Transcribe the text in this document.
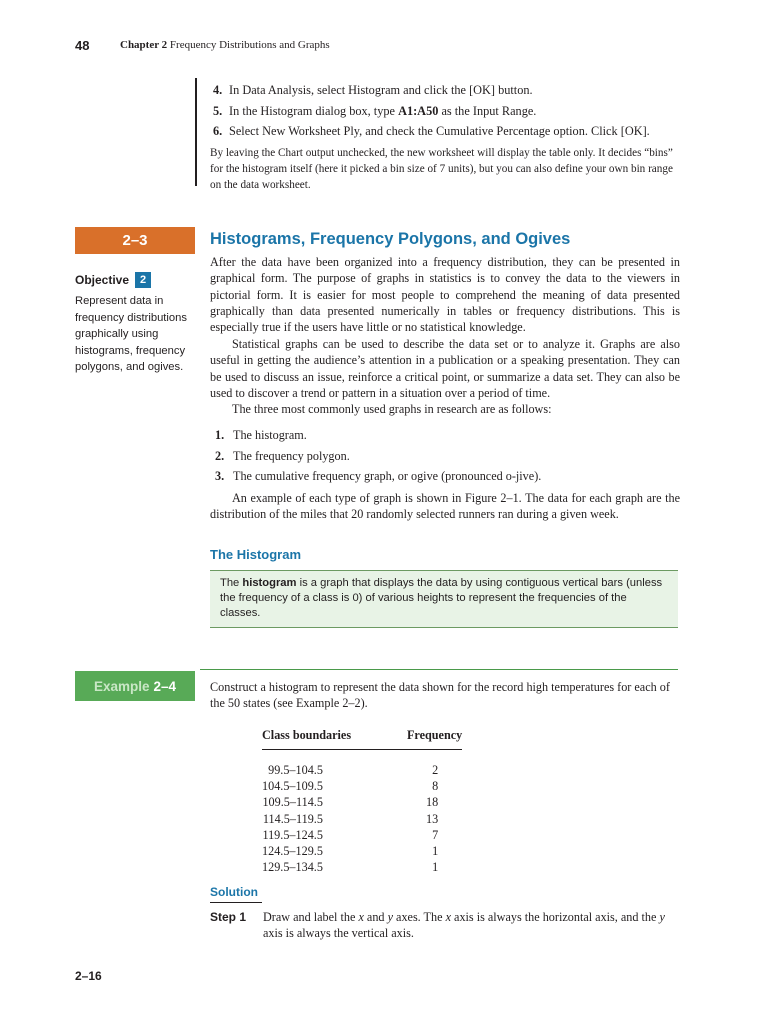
48	Chapter 2 Frequency Distributions and Graphs
4. In Data Analysis, select Histogram and click the [OK] button.
5. In the Histogram dialog box, type A1:A50 as the Input Range.
6. Select New Worksheet Ply, and check the Cumulative Percentage option. Click [OK].

By leaving the Chart output unchecked, the new worksheet will display the table only. It decides “bins” for the histogram itself (here it picked a bin size of 7 units), but you can also define your own bin range on the data worksheet.

2–3	Histograms, Frequency Polygons, and Ogives
Objective 2
Represent data in frequency distributions graphically using histograms, frequency polygons, and ogives.

After the data have been organized into a frequency distribution, they can be presented in graphical form. The purpose of graphs in statistics is to convey the data to the viewers in pictorial form. It is easier for most people to comprehend the meaning of data presented graphically than data presented numerically in tables or frequency distributions. This is especially true if the users have little or no statistical knowledge.

Statistical graphs can be used to describe the data set or to analyze it. Graphs are also useful in getting the audience’s attention in a publication or a speaking presentation. They can be used to discuss an issue, reinforce a critical point, or summarize a data set. They can also be used to discover a trend or pattern in a situation over a period of time.

The three most commonly used graphs in research are as follows:

1. The histogram.
2. The frequency polygon.
3. The cumulative frequency graph, or ogive (pronounced o-jive).

An example of each type of graph is shown in Figure 2–1. The data for each graph are the distribution of the miles that 20 randomly selected runners ran during a given week.

The Histogram

The histogram is a graph that displays the data by using contiguous vertical bars (unless the frequency of a class is 0) of various heights to represent the frequencies of the classes.

Example 2–4	Construct a histogram to represent the data shown for the record high temperatures for each of the 50 states (see Example 2–2).

Class boundaries	Frequency
99.5–104.5	2
104.5–109.5	8
109.5–114.5	18
114.5–119.5	13
119.5–124.5	7
124.5–129.5	1
129.5–134.5	1
Solution
Step 1 Draw and label the x and y axes. The x axis is always the horizontal axis, and the y axis is always the vertical axis.

2–16
